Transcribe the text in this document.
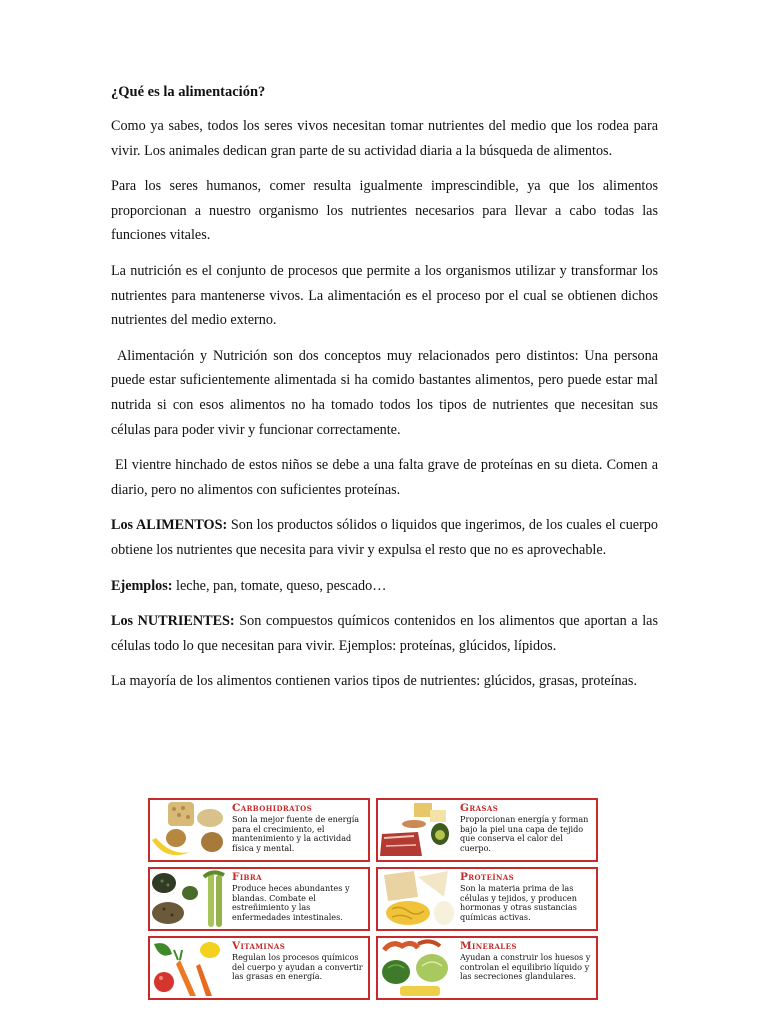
¿Qué es la alimentación?

Como ya sabes, todos los seres vivos necesitan tomar nutrientes del medio que los rodea para vivir. Los animales dedican gran parte de su actividad diaria a la búsqueda de alimentos.

Para los seres humanos, comer resulta igualmente imprescindible, ya que los alimentos proporcionan a nuestro organismo los nutrientes necesarios para llevar a cabo todas las funciones vitales.

La nutrición es el conjunto de procesos que permite a los organismos utilizar y transformar los nutrientes para mantenerse vivos. La alimentación es el proceso por el cual se obtienen dichos nutrientes del medio externo.

Alimentación y Nutrición son dos conceptos muy relacionados pero distintos: Una persona puede estar suficientemente alimentada si ha comido bastantes alimentos, pero puede estar mal nutrida si con esos alimentos no ha tomado todos los tipos de nutrientes que necesitan sus células para poder vivir y funcionar correctamente.

El vientre hinchado de estos niños se debe a una falta grave de proteínas en su dieta. Comen a diario, pero no alimentos con suficientes proteínas.

Los ALIMENTOS: Son los productos sólidos o liquidos que ingerimos, de los cuales el cuerpo obtiene los nutrientes que necesita para vivir y expulsa el resto que no es aprovechable.

Ejemplos: leche, pan, tomate, queso, pescado…

Los NUTRIENTES: Son compuestos químicos contenidos en los alimentos que aportan a las células todo lo que necesitan para vivir. Ejemplos: proteínas, glúcidos, lípidos.

La mayoría de los alimentos contienen varios tipos de nutrientes: glúcidos, grasas, proteínas.

Carbohidratos
Son la mejor fuente de energía para el crecimiento, el mantenimiento y la actividad física y mental.
Grasas
Proporcionan energía y forman bajo la piel una capa de tejido que conserva el calor del cuerpo.
Fibra
Produce heces abundantes y blandas. Combate el estreñimiento y las enfermedades intestinales.
Proteínas
Son la materia prima de las células y tejidos, y producen hormonas y otras sustancias químicas activas.
Vitaminas
Regulan los procesos químicos del cuerpo y ayudan a convertir las grasas en energía.
Minerales
Ayudan a construir los huesos y controlan el equilibrio líquido y las secreciones glandulares.
